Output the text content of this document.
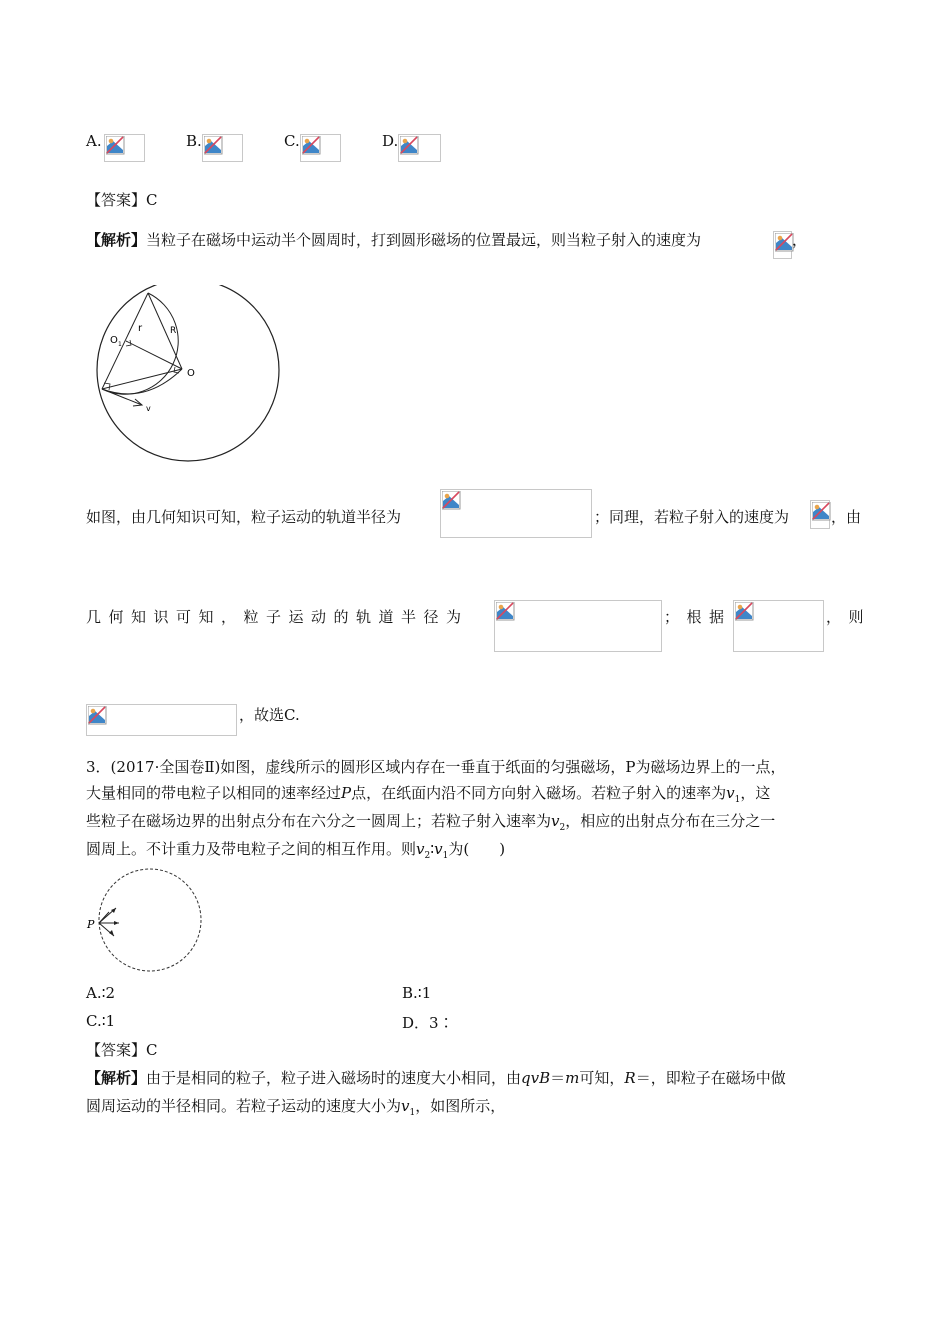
A.	B.	C.	D.
【答案】C
【解析】当粒子在磁场中运动半个圆周时，打到圆形磁场的位置最远，则当粒子射入的速度为	，
r	R
O 1
O
v
如图，由几何知识可知，粒子运动的轨道半径为	；同理，若粒子射入的速度为	，由
几何知识可知，粒子运动的轨道半径为	；根据	，则
，故选C.
3．(2017·全国卷Ⅱ)如图，虚线所示的圆形区域内存在一垂直于纸面的匀强磁场，P为磁场边界上的一点，
大量相同的带电粒子以相同的速率经过P点，在纸面内沿不同方向射入磁场。若粒子射入的速率为$v_1$，这
些粒子在磁场边界的出射点分布在六分之一圆周上；若粒子射入速率为$v_2$，相应的出射点分布在三分之一
圆周上。不计重力及带电粒子之间的相互作用。则$v_2∶v_1$为(　　)
P
A.∶2	B.∶1
C.∶1	D．3∶
【答案】C
【解析】由于是相同的粒子，粒子进入磁场时的速度大小相同，由qvB＝m可知，R＝，即粒子在磁场中做
圆周运动的半径相同。若粒子运动的速度大小为$v_1$，如图所示，
